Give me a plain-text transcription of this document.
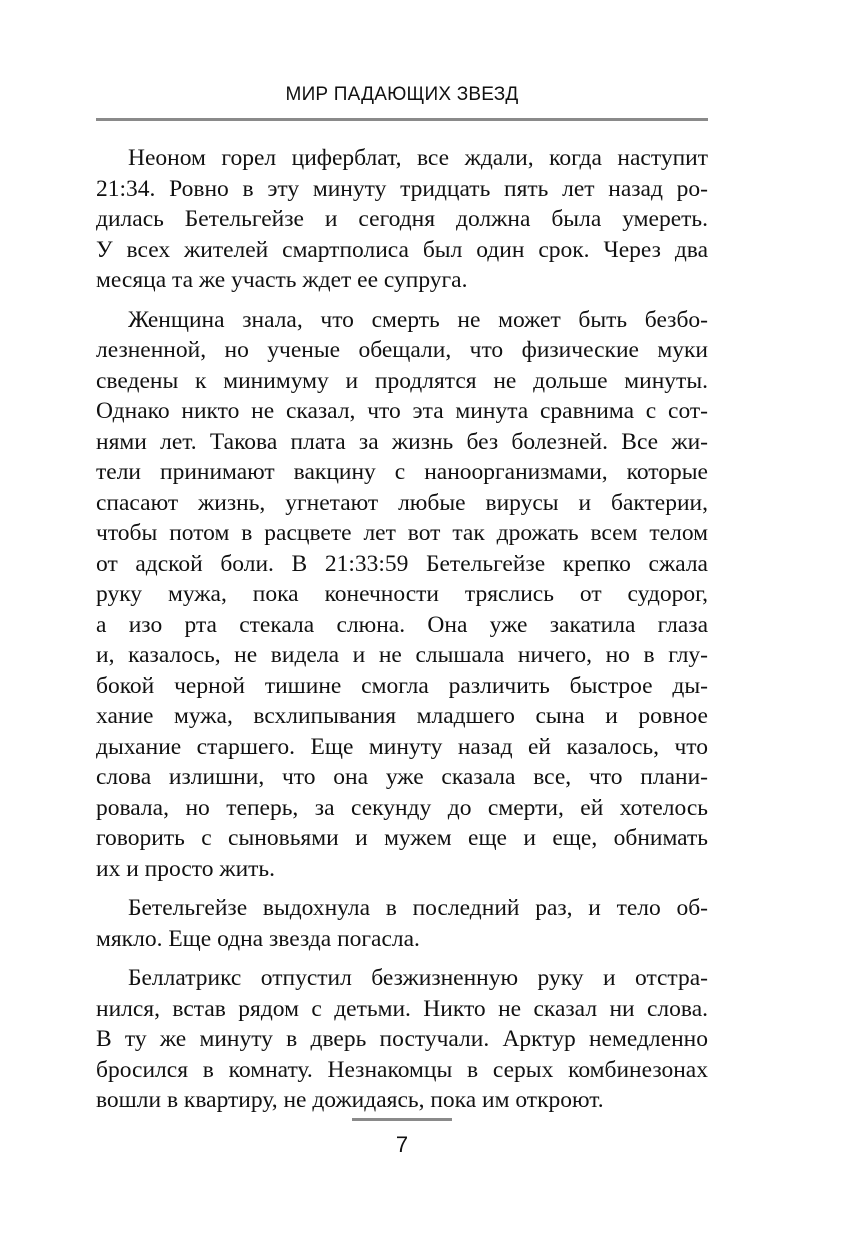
МИР ПАДАЮЩИХ ЗВЕЗД

Неоном горел циферблат, все ждали, когда наступит
21:34. Ровно в эту минуту тридцать пять лет назад ро-
дилась Бетельгейзе и сегодня должна была умереть.
У всех жителей смартполиса был один срок. Через два
месяца та же участь ждет ее супруга.

Женщина знала, что смерть не может быть безбо-
лезненной, но ученые обещали, что физические муки
сведены к минимуму и продлятся не дольше минуты.
Однако никто не сказал, что эта минута сравнима с сот-
нями лет. Такова плата за жизнь без болезней. Все жи-
тели принимают вакцину с наноорганизмами, которые
спасают жизнь, угнетают любые вирусы и бактерии,
чтобы потом в расцвете лет вот так дрожать всем телом
от адской боли. В 21:33:59 Бетельгейзе крепко сжала
руку мужа, пока конечности тряслись от судорог,
а изо рта стекала слюна. Она уже закатила глаза
и, казалось, не видела и не слышала ничего, но в глу-
бокой черной тишине смогла различить быстрое ды-
хание мужа, всхлипывания младшего сына и ровное
дыхание старшего. Еще минуту назад ей казалось, что
слова излишни, что она уже сказала все, что плани-
ровала, но теперь, за секунду до смерти, ей хотелось
говорить с сыновьями и мужем еще и еще, обнимать
их и просто жить.

Бетельгейзе выдохнула в последний раз, и тело об-
мякло. Еще одна звезда погасла.

Беллатрикс отпустил безжизненную руку и отстра-
нился, встав рядом с детьми. Никто не сказал ни слова.
В ту же минуту в дверь постучали. Арктур немедленно
бросился в комнату. Незнакомцы в серых комбинезонах
вошли в квартиру, не дожидаясь, пока им откроют.

7
